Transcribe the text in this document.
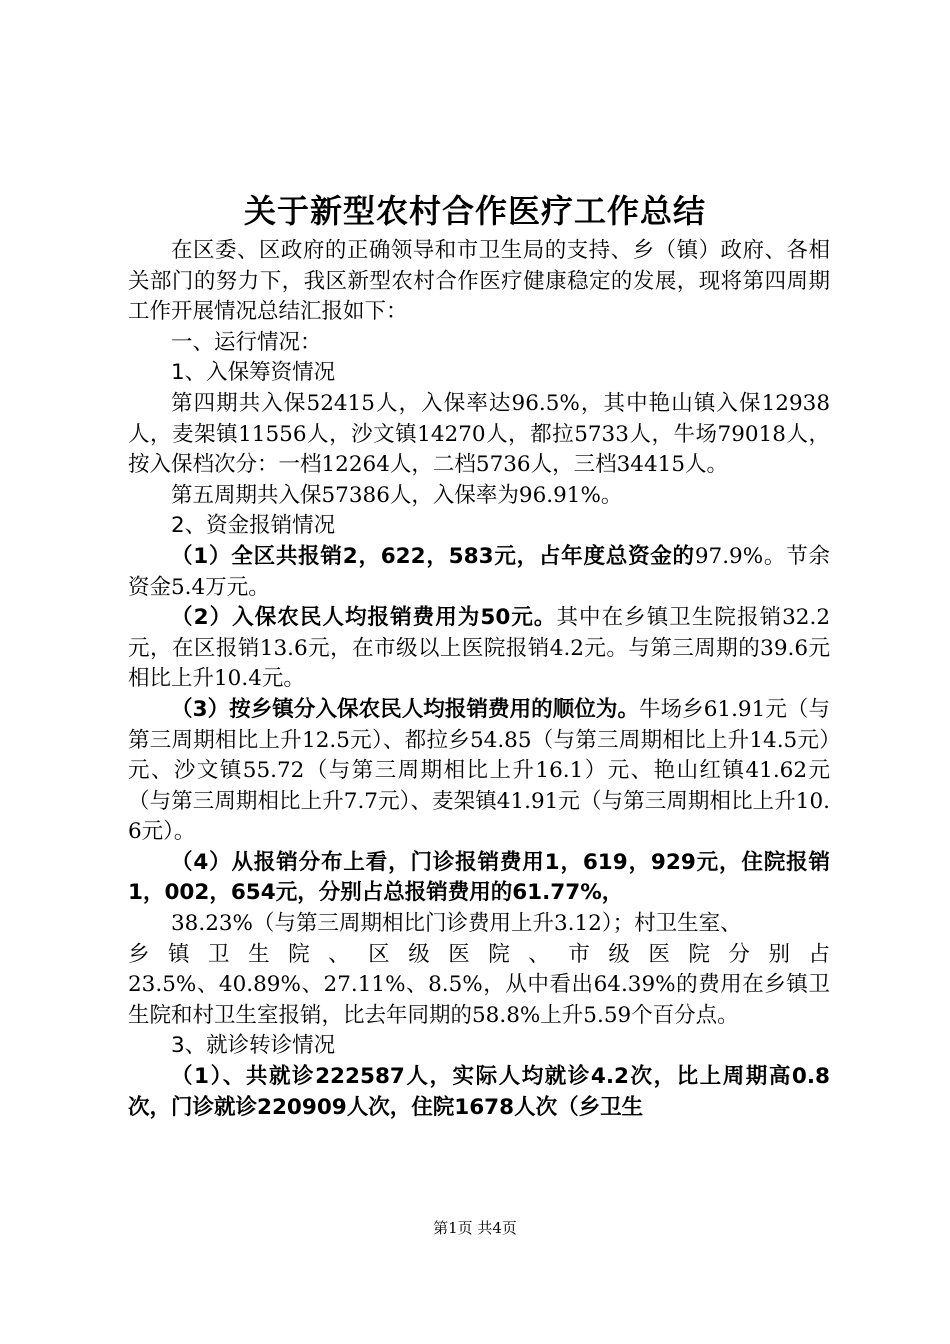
关于新型农村合作医疗工作总结

在区委、区政府的正确领导和市卫生局的支持、乡（镇）政府、各相关部门的努力下，我区新型农村合作医疗健康稳定的发展，现将第四周期工作开展情况总结汇报如下：

一、运行情况：

1、入保筹资情况

第四期共入保52415人，入保率达96.5%，其中艳山镇入保12938人，麦架镇11556人，沙文镇14270人，都拉5733人，牛场79018人，按入保档次分：一档12264人，二档5736人，三档34415人。

第五周期共入保57386人，入保率为96.91%。

2、资金报销情况

（1）全区共报销2，622，583元，占年度总资金的97.9%。节余资金5.4万元。

（2）入保农民人均报销费用为50元。其中在乡镇卫生院报销32.2元，在区报销13.6元，在市级以上医院报销4.2元。与第三周期的39.6元相比上升10.4元。

（3）按乡镇分入保农民人均报销费用的顺位为。牛场乡61.91元（与第三周期相比上升12.5元）、都拉乡54.85（与第三周期相比上升14.5元）元、沙文镇55.72（与第三周期相比上升16.1）元、艳山红镇41.62元（与第三周期相比上升7.7元）、麦架镇41.91元（与第三周期相比上升10.6元）。

（4）从报销分布上看，门诊报销费用1，619，929元，住院报销1，002，654元，分别占总报销费用的61.77%，

38.23%（与第三周期相比门诊费用上升3.12）；村卫生室、

乡镇卫生院、区级医院、市级医院分别占

23.5%、40.89%、27.11%、8.5%，从中看出64.39%的费用在乡镇卫生院和村卫生室报销，比去年同期的58.8%上升5.59个百分点。

3、就诊转诊情况

（1）、共就诊222587人，实际人均就诊4.2次，比上周期高0.8次，门诊就诊220909人次，住院1678人次（乡卫生

第1页 共4页
